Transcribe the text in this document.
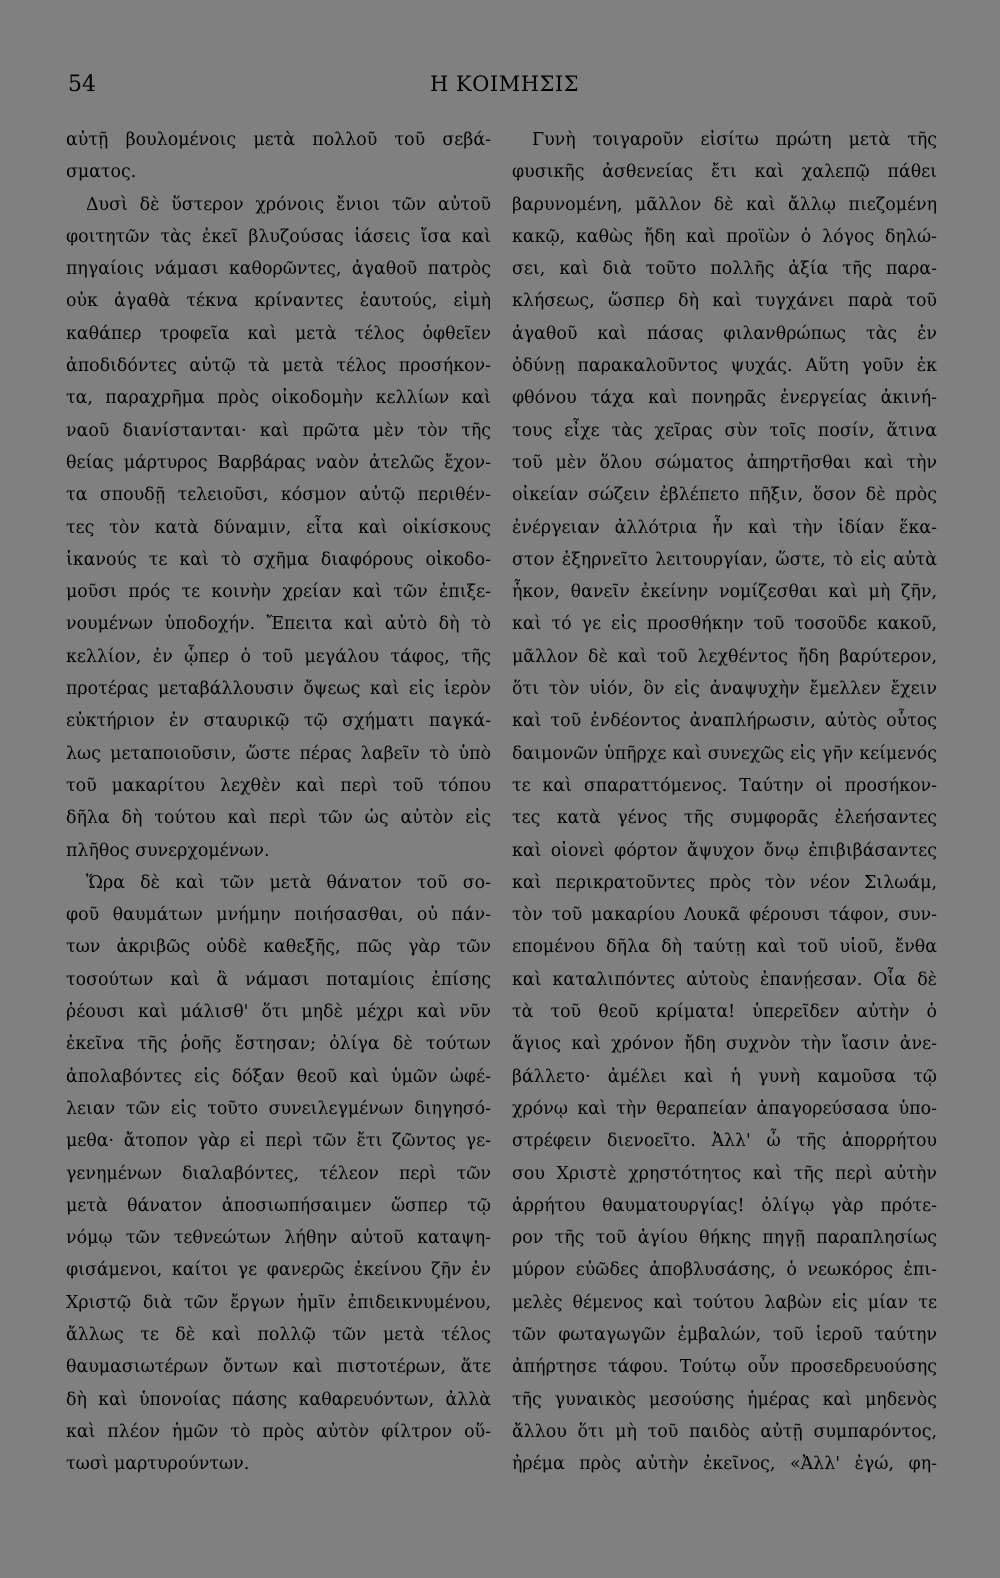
54	Η ΚΟΙΜΗΣΙΣ
αὐτῇ βουλομένοις μετὰ πολλοῦ τοῦ σεβά-
σματος.
Δυσὶ δὲ ὕστερον χρόνοις ἔνιοι τῶν αὐτοῦ
φοιτητῶν τὰς ἐκεῖ βλυζούσας ἰάσεις ἴσα καὶ
πηγαίοις νάμασι καθορῶντες, ἀγαθοῦ πατρὸς
οὐκ ἀγαθὰ τέκνα κρίναντες ἑαυτούς, εἰμὴ
καθάπερ τροφεῖα καὶ μετὰ τέλος ὀφθεῖεν
ἀποδιδόντες αὐτῷ τὰ μετὰ τέλος προσήκον-
τα, παραχρῆμα πρὸς οἰκοδομὴν κελλίων καὶ
ναοῦ διανίστανται· καὶ πρῶτα μὲν τὸν τῆς
θείας μάρτυρος Βαρβάρας ναὸν ἀτελῶς ἔχον-
τα σπουδῇ τελειοῦσι, κόσμον αὐτῷ περιθέν-
τες τὸν κατὰ δύναμιν, εἶτα καὶ οἰκίσκους
ἱκανούς τε καὶ τὸ σχῆμα διαφόρους οἰκοδο-
μοῦσι πρός τε κοινὴν χρείαν καὶ τῶν ἐπιξε-
νουμένων ὑποδοχήν. Ἔπειτα καὶ αὐτὸ δὴ τὸ
κελλίον, ἐν ᾧπερ ὁ τοῦ μεγάλου τάφος, τῆς
προτέρας μεταβάλλουσιν ὄψεως καὶ εἰς ἱερὸν
εὐκτήριον ἐν σταυρικῷ τῷ σχήματι παγκά-
λως μεταποιοῦσιν, ὥστε πέρας λαβεῖν τὸ ὑπὸ
τοῦ μακαρίτου λεχθὲν καὶ περὶ τοῦ τόπου
δῆλα δὴ τούτου καὶ περὶ τῶν ὡς αὐτὸν εἰς
πλῆθος συνερχομένων.
Ὥρα δὲ καὶ τῶν μετὰ θάνατον τοῦ σο-
φοῦ θαυμάτων μνήμην ποιήσασθαι, οὐ πάν-
των ἀκριβῶς οὐδὲ καθεξῆς, πῶς γὰρ τῶν
τοσούτων καὶ ἃ νάμασι ποταμίοις ἐπίσης
ῥέουσι καὶ μάλισθ' ὅτι μηδὲ μέχρι καὶ νῦν
ἐκεῖνα τῆς ῥοῆς ἔστησαν; ὀλίγα δὲ τούτων
ἀπολαβόντες εἰς δόξαν θεοῦ καὶ ὑμῶν ὠφέ-
λειαν τῶν εἰς τοῦτο συνειλεγμένων διηγησό-
μεθα· ἄτοπον γὰρ εἰ περὶ τῶν ἔτι ζῶντος γε-
γενημένων διαλαβόντες, τέλεον περὶ τῶν
μετὰ θάνατον ἀποσιωπήσαιμεν ὥσπερ τῷ
νόμῳ τῶν τεθνεώτων λήθην αὐτοῦ καταψη-
φισάμενοι, καίτοι γε φανερῶς ἐκείνου ζῆν ἐν
Χριστῷ διὰ τῶν ἔργων ἡμῖν ἐπιδεικνυμένου,
ἄλλως τε δὲ καὶ πολλῷ τῶν μετὰ τέλος
θαυμασιωτέρων ὄντων καὶ πιστοτέρων, ἅτε
δὴ καὶ ὑπονοίας πάσης καθαρευόντων, ἀλλὰ
καὶ πλέον ἡμῶν τὸ πρὸς αὐτὸν φίλτρον οὕ-
τωσὶ μαρτυρούντων.
Γυνὴ τοιγαροῦν εἰσίτω πρώτη μετὰ τῆς
φυσικῆς ἀσθενείας ἔτι καὶ χαλεπῷ πάθει
βαρυνομένη, μᾶλλον δὲ καὶ ἄλλῳ πιεζομένη
κακῷ, καθὼς ἤδη καὶ προϊὼν ὁ λόγος δηλώ-
σει, καὶ διὰ τοῦτο πολλῆς ἀξία τῆς παρα-
κλήσεως, ὥσπερ δὴ καὶ τυγχάνει παρὰ τοῦ
ἀγαθοῦ καὶ πάσας φιλανθρώπως τὰς ἐν
ὀδύνῃ παρακαλοῦντος ψυχάς. Αὕτη γοῦν ἐκ
φθόνου τάχα καὶ πονηρᾶς ἐνεργείας ἀκινή-
τους εἶχε τὰς χεῖρας σὺν τοῖς ποσίν, ἅτινα
τοῦ μὲν ὅλου σώματος ἀπηρτῆσθαι καὶ τὴν
οἰκείαν σώζειν ἐβλέπετο πῆξιν, ὅσον δὲ πρὸς
ἐνέργειαν ἀλλότρια ἦν καὶ τὴν ἰδίαν ἕκα-
στον ἐξηρνεῖτο λειτουργίαν, ὥστε, τὸ εἰς αὐτὰ
ἧκον, θανεῖν ἐκείνην νομίζεσθαι καὶ μὴ ζῆν,
καὶ τό γε εἰς προσθήκην τοῦ τοσοῦδε κακοῦ,
μᾶλλον δὲ καὶ τοῦ λεχθέντος ἤδη βαρύτερον,
ὅτι τὸν υἱόν, ὃν εἰς ἀναψυχὴν ἔμελλεν ἔχειν
καὶ τοῦ ἐνδέοντος ἀναπλήρωσιν, αὐτὸς οὗτος
δαιμονῶν ὑπῆρχε καὶ συνεχῶς εἰς γῆν κείμενός
τε καὶ σπαραττόμενος. Ταύτην οἱ προσήκον-
τες κατὰ γένος τῆς συμφορᾶς ἐλεήσαντες
καὶ οἱονεὶ φόρτον ἄψυχον ὄνῳ ἐπιβιβάσαντες
καὶ περικρατοῦντες πρὸς τὸν νέον Σιλωάμ,
τὸν τοῦ μακαρίου Λουκᾶ φέρουσι τάφον, συν-
επομένου δῆλα δὴ ταύτῃ καὶ τοῦ υἱοῦ, ἔνθα
καὶ καταλιπόντες αὐτοὺς ἐπανῄεσαν. Οἷα δὲ
τὰ τοῦ θεοῦ κρίματα! ὑπερεῖδεν αὐτὴν ὁ
ἅγιος καὶ χρόνον ἤδη συχνὸν τὴν ἴασιν ἀνε-
βάλλετο· ἀμέλει καὶ ἡ γυνὴ καμοῦσα τῷ
χρόνῳ καὶ τὴν θεραπείαν ἀπαγορεύσασα ὑπο-
στρέφειν διενοεῖτο. Ἀλλ' ὦ τῆς ἀπορρήτου
σου Χριστὲ χρηστότητος καὶ τῆς περὶ αὐτὴν
ἀρρήτου θαυματουργίας! ὀλίγῳ γὰρ πρότε-
ρον τῆς τοῦ ἁγίου θήκης πηγῇ παραπλησίως
μύρον εὐῶδες ἀποβλυσάσης, ὁ νεωκόρος ἐπι-
μελὲς θέμενος καὶ τούτου λαβὼν εἰς μίαν τε
τῶν φωταγωγῶν ἐμβαλών, τοῦ ἱεροῦ ταύτην
ἀπήρτησε τάφου. Τούτῳ οὖν προσεδρευούσης
τῆς γυναικὸς μεσούσης ἡμέρας καὶ μηδενὸς
ἄλλου ὅτι μὴ τοῦ παιδὸς αὐτῇ συμπαρόντος,
ἠρέμα πρὸς αὐτὴν ἐκεῖνος, «Ἀλλ' ἐγώ, φη-
